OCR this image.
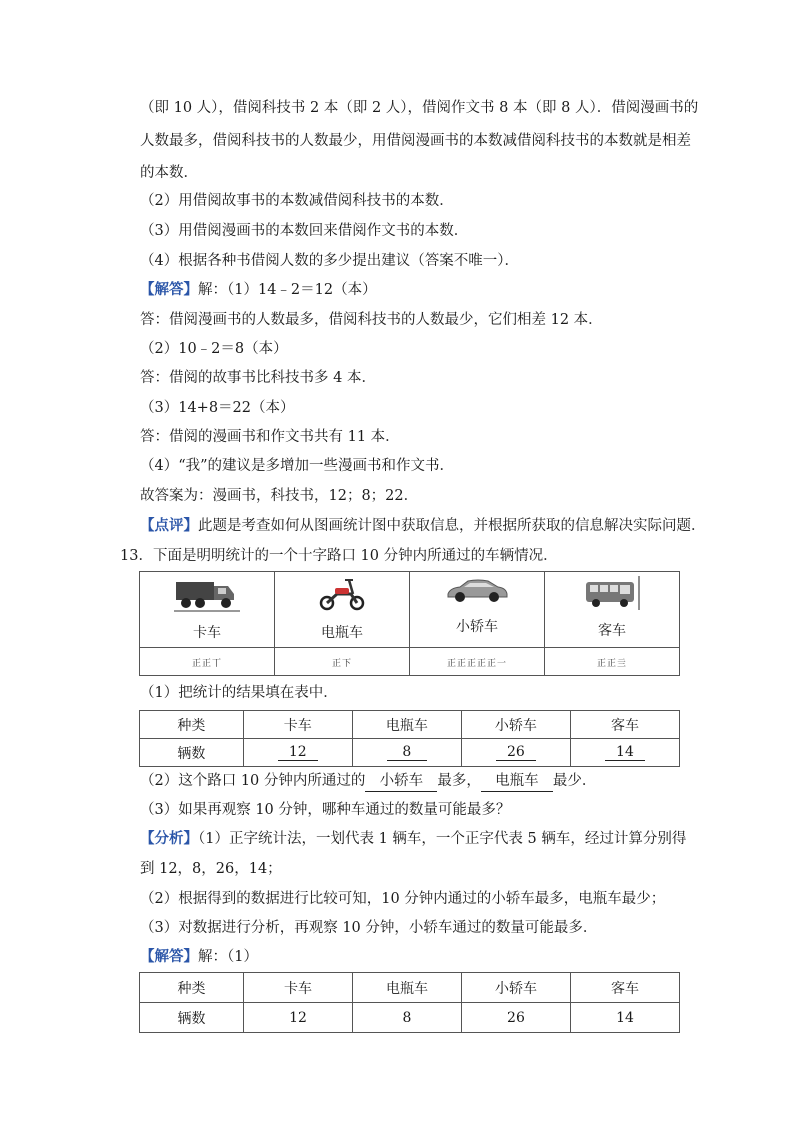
（即 10 人），借阅科技书 2 本（即 2 人），借阅作文书 8 本（即 8 人）．借阅漫画书的
人数最多，借阅科技书的人数最少，用借阅漫画书的本数减借阅科技书的本数就是相差
的本数．
（2）用借阅故事书的本数减借阅科技书的本数．
（3）用借阅漫画书的本数回来借阅作文书的本数．
（4）根据各种书借阅人数的多少提出建议（答案不唯一）．
【解答】解：（1）14﹣2＝12（本）
答：借阅漫画书的人数最多，借阅科技书的人数最少，它们相差 12 本．
（2）10﹣2＝8（本）
答：借阅的故事书比科技书多 4 本．
（3）14+8＝22（本）
答：借阅的漫画书和作文书共有 11 本．
（4）“我”的建议是多增加一些漫画书和作文书．
故答案为：漫画书，科技书，12；8；22．
【点评】此题是考查如何从图画统计图中获取信息，并根据所获取的信息解决实际问题．
13．下面是明明统计的一个十字路口 10 分钟内所通过的车辆情况．
卡车	电瓶车	小轿车	客车

正正丅	正下	正正正正正一	正正亖
（1）把统计的结果填在表中．
种类	卡车	电瓶车	小轿车	客车
辆数	12	8	26	14
（2）这个路口 10 分钟内所通过的 小轿车 最多， 电瓶车 最少．
（3）如果再观察 10 分钟，哪种车通过的数量可能最多？
【分析】（1）正字统计法，一划代表 1 辆车，一个正字代表 5 辆车，经过计算分别得
到 12，8，26，14；
（2）根据得到的数据进行比较可知，10 分钟内通过的小轿车最多，电瓶车最少；
（3）对数据进行分析，再观察 10 分钟，小轿车通过的数量可能最多．
【解答】解：（1）
种类	卡车	电瓶车	小轿车	客车
辆数	12	8	26	14
